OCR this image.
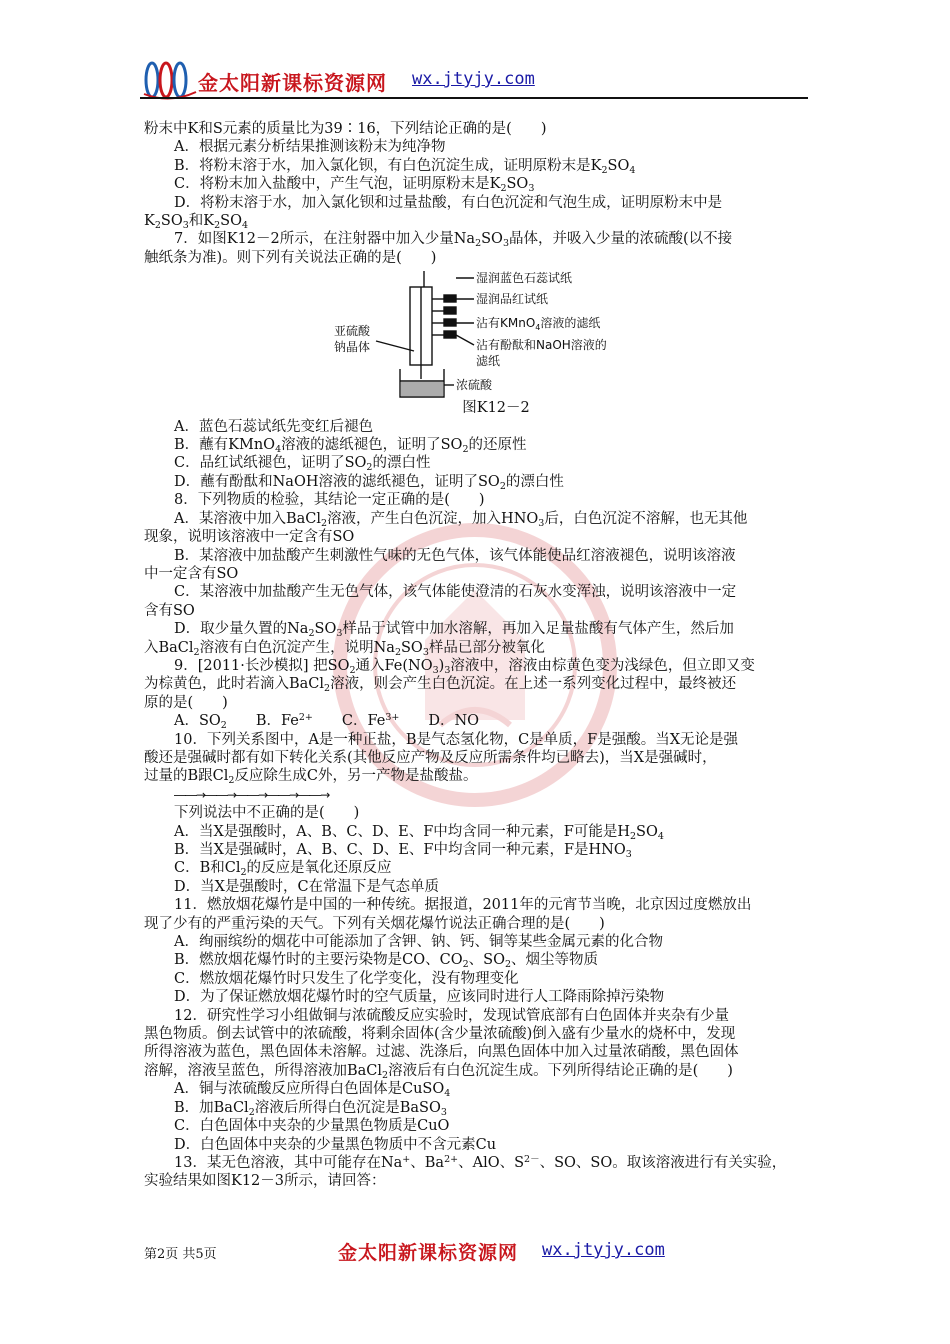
金太阳新课标资源网 wx.jtyjy.com
粉末中K和S元素的质量比为39∶16，下列结论正确的是(　　)
A．根据元素分析结果推测该粉末为纯净物
B．将粉末溶于水，加入氯化钡，有白色沉淀生成，证明原粉末是$K_2SO_4$
C．将粉末加入盐酸中，产生气泡，证明原粉末是$K_2SO_3$
D．将粉末溶于水，加入氯化钡和过量盐酸，有白色沉淀和气泡生成，证明原粉末中是
$K_2SO_3$和$K_2SO_4$
7．如图K12－2所示，在注射器中加入少量$Na_2SO_3$晶体，并吸入少量的浓硫酸(以不接
触纸条为准)。则下列有关说法正确的是(　　)
湿润蓝色石蕊试纸
湿润品红试纸
沾有KMnO$_4$溶液的滤纸
沾有酚酞和NaOH溶液的
滤纸
亚硫酸
钠晶体
浓硫酸
图K12－2
A．蓝色石蕊试纸先变红后褪色
B．蘸有KMnO$_4$溶液的滤纸褪色，证明了$SO_2$的还原性
C．品红试纸褪色，证明了$SO_2$的漂白性
D．蘸有酚酞和NaOH溶液的滤纸褪色，证明了$SO_2$的漂白性
8．下列物质的检验，其结论一定正确的是(　　)
A．某溶液中加入BaCl$_2$溶液，产生白色沉淀，加入$HNO_3$后，白色沉淀不溶解，也无其他
现象，说明该溶液中一定含有SO
B．某溶液中加盐酸产生刺激性气味的无色气体，该气体能使品红溶液褪色，说明该溶液
中一定含有SO
C．某溶液中加盐酸产生无色气体，该气体能使澄清的石灰水变浑浊，说明该溶液中一定
含有SO
D．取少量久置的$Na_2SO_3$样品于试管中加水溶解，再加入足量盐酸有气体产生，然后加
入BaCl$_2$溶液有白色沉淀产生，说明$Na_2SO_3$样品已部分被氧化
9．[2011·长沙模拟] 把$SO_2$通入$Fe(NO_3)_3$溶液中，溶液由棕黄色变为浅绿色，但立即又变
为棕黄色，此时若滴入BaCl$_2$溶液，则会产生白色沉淀。在上述一系列变化过程中，最终被还
原的是(　　)
A．$SO_2$　　B．$Fe^{2+}$　　C．$Fe^{3+}$　　D．NO
10．下列关系图中，A是一种正盐，B是气态氢化物，C是单质，F是强酸。当X无论是强
酸还是强碱时都有如下转化关系(其他反应产物及反应所需条件均已略去)，当X是强碱时，
过量的B跟$Cl_2$反应除生成C外，另一产物是盐酸盐。
――→――→――→――→――→
下列说法中不正确的是(　　)
A．当X是强酸时，A、B、C、D、E、F中均含同一种元素，F可能是$H_2SO_4$
B．当X是强碱时，A、B、C、D、E、F中均含同一种元素，F是$HNO_3$
C．B和$Cl_2$的反应是氧化还原反应
D．当X是强酸时，C在常温下是气态单质
11．燃放烟花爆竹是中国的一种传统。据报道，2011年的元宵节当晚，北京因过度燃放出
现了少有的严重污染的天气。下列有关烟花爆竹说法正确合理的是(　　)
A．绚丽缤纷的烟花中可能添加了含钾、钠、钙、铜等某些金属元素的化合物
B．燃放烟花爆竹时的主要污染物是CO、$CO_2$、$SO_2$、烟尘等物质
C．燃放烟花爆竹时只发生了化学变化，没有物理变化
D．为了保证燃放烟花爆竹时的空气质量，应该同时进行人工降雨除掉污染物
12．研究性学习小组做铜与浓硫酸反应实验时，发现试管底部有白色固体并夹杂有少量
黑色物质。倒去试管中的浓硫酸，将剩余固体(含少量浓硫酸)倒入盛有少量水的烧杯中，发现
所得溶液为蓝色，黑色固体未溶解。过滤、洗涤后，向黑色固体中加入过量浓硝酸，黑色固体
溶解，溶液呈蓝色，所得溶液加BaCl$_2$溶液后有白色沉淀生成。下列所得结论正确的是(　　)
A．铜与浓硫酸反应所得白色固体是CuSO$_4$
B．加BaCl$_2$溶液后所得白色沉淀是BaSO$_3$
C．白色固体中夹杂的少量黑色物质是CuO
D．白色固体中夹杂的少量黑色物质中不含元素Cu
13．某无色溶液，其中可能存在Na+、$Ba^{2+}$、AlO、$S^{2-}$、SO、SO。取该溶液进行有关实验，
实验结果如图K12－3所示，请回答：
第2页 共5页	金太阳新课标资源网 wx.jtyjy.com
